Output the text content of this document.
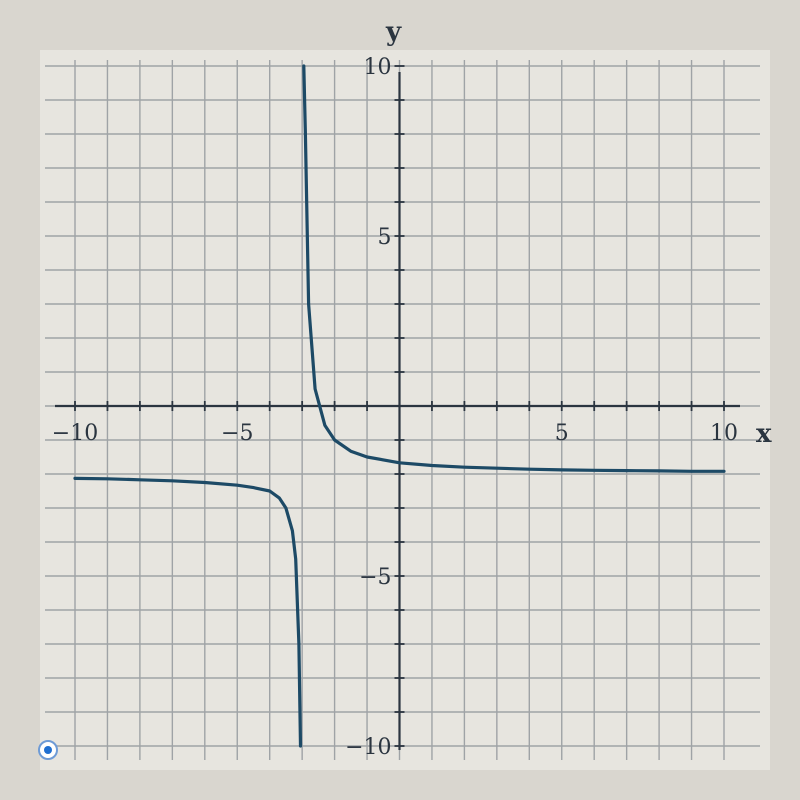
−10	−5	5	10
10
5
−5
−10
x
y
